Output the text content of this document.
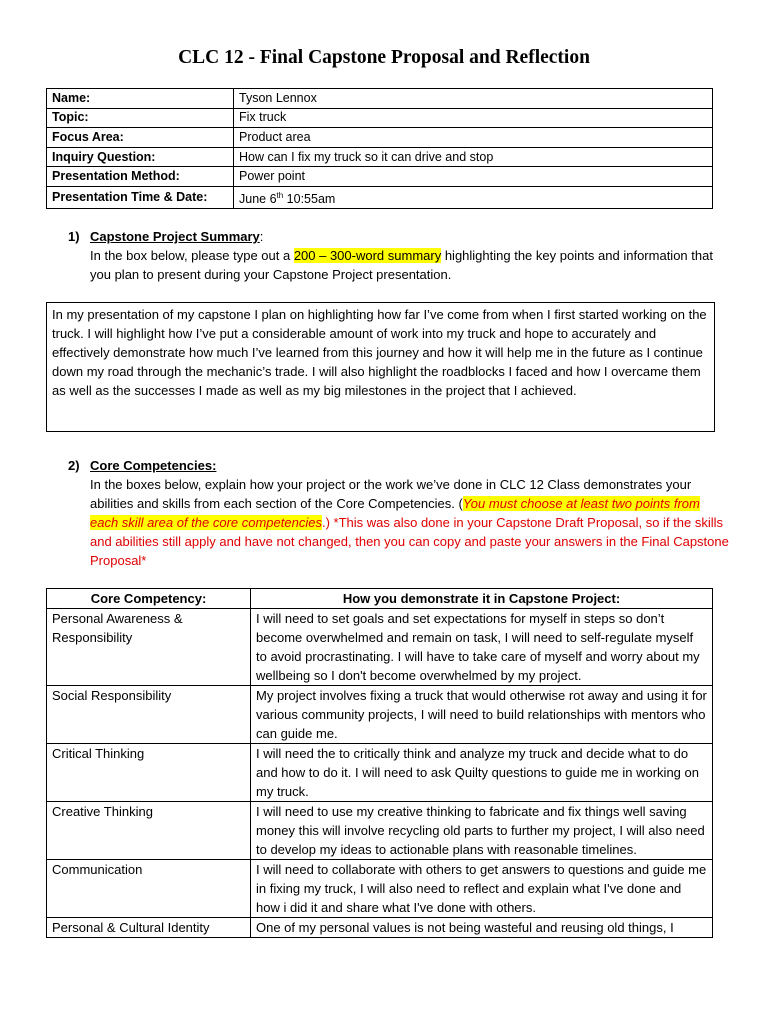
CLC 12 - Final Capstone Proposal and Reflection
Name:	Tyson Lennox
Topic:	Fix truck
Focus Area:	Product area
Inquiry Question:	How can I fix my truck so it can drive and stop
Presentation Method:	Power point
Presentation Time & Date:	June 6th 10:55am
1) Capstone Project Summary:
In the box below, please type out a 200 – 300-word summary highlighting the key points and information that you plan to present during your Capstone Project presentation.
In my presentation of my capstone I plan on highlighting how far I’ve come from when I first started working on the truck. I will highlight how I’ve put a considerable amount of work into my truck and hope to accurately and effectively demonstrate how much I’ve learned from this journey and how it will help me in the future as I continue down my road through the mechanic’s trade. I will also highlight the roadblocks I faced and how I overcame them as well as the successes I made as well as my big milestones in the project that I achieved.
2) Core Competencies:
In the boxes below, explain how your project or the work we’ve done in CLC 12 Class demonstrates your abilities and skills from each section of the Core Competencies. (You must choose at least two points from each skill area of the core competencies.) *This was also done in your Capstone Draft Proposal, so if the skills and abilities still apply and have not changed, then you can copy and paste your answers in the Final Capstone Proposal*
Core Competency:	How you demonstrate it in Capstone Project:
Personal Awareness & Responsibility	I will need to set goals and set expectations for myself in steps so don’t become overwhelmed and remain on task, I will need to self-regulate myself to avoid procrastinating. I will have to take care of myself and worry about my wellbeing so I don't become overwhelmed by my project.
Social Responsibility	My project involves fixing a truck that would otherwise rot away and using it for various community projects, I will need to build relationships with mentors who can guide me.
Critical Thinking	I will need the to critically think and analyze my truck and decide what to do and how to do it. I will need to ask Quilty questions to guide me in working on my truck.
Creative Thinking	I will need to use my creative thinking to fabricate and fix things well saving money this will involve recycling old parts to further my project, I will also need to develop my ideas to actionable plans with reasonable timelines.
Communication	I will need to collaborate with others to get answers to questions and guide me in fixing my truck, I will also need to reflect and explain what I've done and how i did it and share what I've done with others.
Personal & Cultural Identity	One of my personal values is not being wasteful and reusing old things, I
